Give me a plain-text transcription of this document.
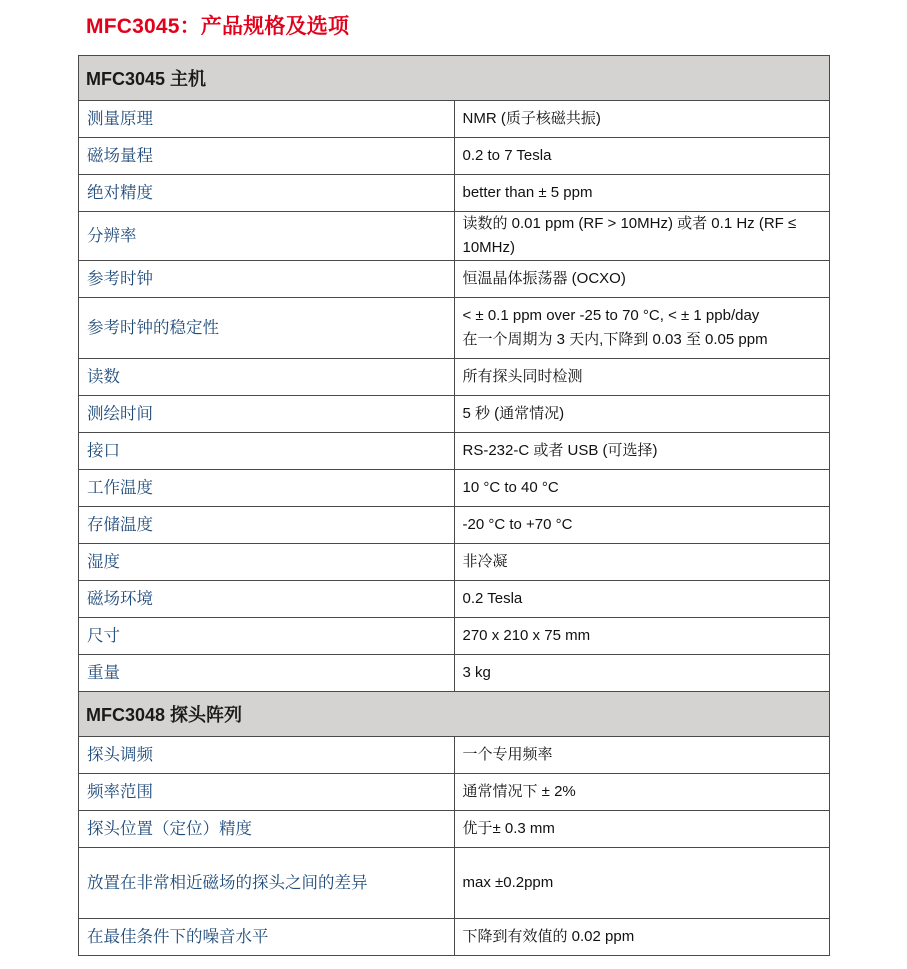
MFC3045：产品规格及选项
MFC3045 主机	
测量原理	NMR (质子核磁共振)

磁场量程	0.2 to 7 Tesla

绝对精度	better than ± 5 ppm

分辨率	读数的 0.01 ppm (RF > 10MHz) 或者 0.1 Hz (RF ≤ 10MHz)

参考时钟	恒温晶体振荡器 (OCXO)

参考时钟的稳定性	< ± 0.1 ppm over -25 to 70 °C, < ± 1 ppb/day
在一个周期为 3 天内,下降到 0.03 至 0.05 ppm

读数	所有探头同时检测

测绘时间	5 秒 (通常情况)

接口	RS-232-C 或者 USB (可选择)

工作温度	10 °C to 40 °C

存储温度	-20 °C to +70 °C

湿度	非冷凝

磁场环境	0.2 Tesla

尺寸	270 x 210 x 75 mm

重量	3 kg

MFC3048 探头阵列	
探头调频	一个专用频率

频率范围	通常情况下 ± 2%

探头位置（定位）精度	优于± 0.3 mm

放置在非常相近磁场的探头之间的差异	max ±0.2ppm

在最佳条件下的噪音水平	下降到有效值的 0.02 ppm
